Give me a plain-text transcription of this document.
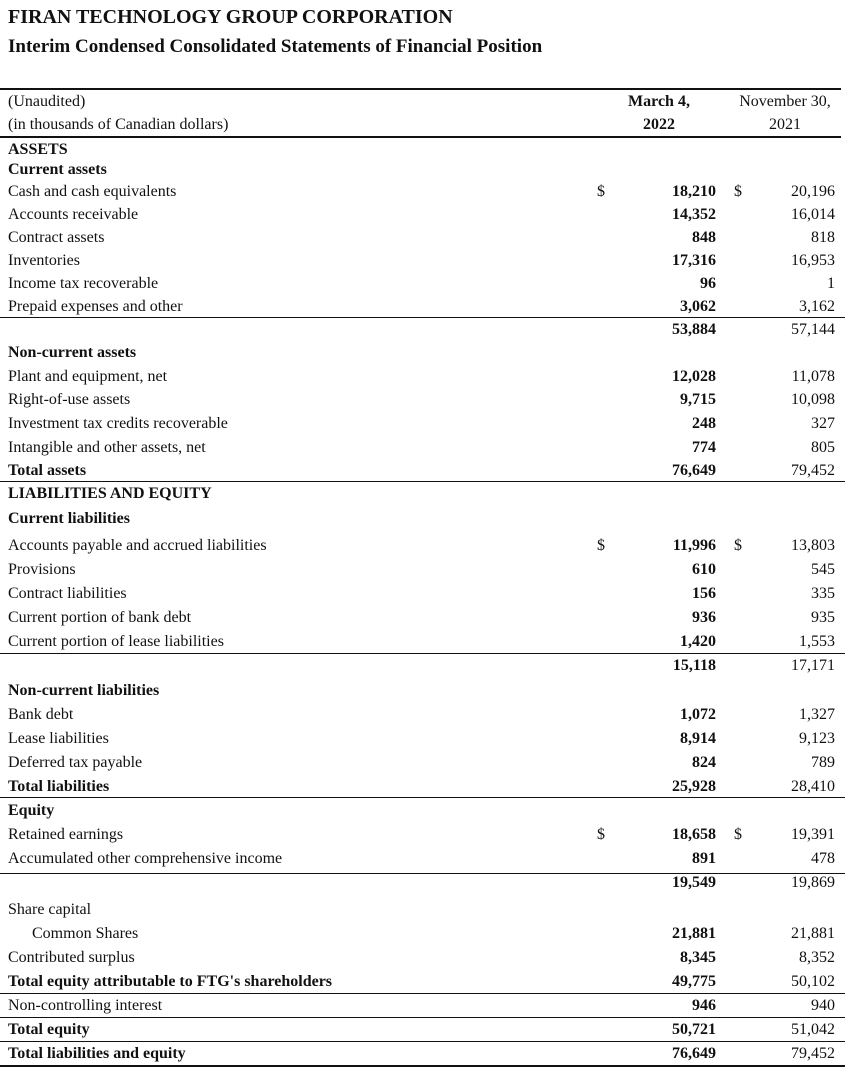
FIRAN TECHNOLOGY GROUP CORPORATION
Interim Condensed Consolidated Statements of Financial Position
(Unaudited)
(in thousands of Canadian dollars)
March 4,
2022
November 30,
2021
ASSETS
Current assets
Cash and cash equivalents	$	18,210 $	20,196
Accounts receivable	14,352	16,014
Contract assets	848	818
Inventories	17,316	16,953
Income tax recoverable	96	1
Prepaid expenses and other	3,062	3,162
53,884	57,144
Non-current assets
Plant and equipment, net	12,028	11,078
Right-of-use assets	9,715	10,098
Investment tax credits recoverable	248	327
Intangible and other assets, net	774	805
Total assets	76,649	79,452
LIABILITIES AND EQUITY
Current liabilities
Accounts payable and accrued liabilities	$	11,996 $	13,803
Provisions	610	545
Contract liabilities	156	335
Current portion of bank debt	936	935
Current portion of lease liabilities	1,420	1,553
15,118	17,171
Non-current liabilities
Bank debt	1,072	1,327
Lease liabilities	8,914	9,123
Deferred tax payable	824	789
Total liabilities	25,928	28,410
Equity
Retained earnings	$	18,658 $	19,391
Accumulated other comprehensive income	891	478
19,549	19,869
Share capital
Common Shares	21,881	21,881
Contributed surplus	8,345	8,352
Total equity attributable to FTG's shareholders	49,775	50,102
Non-controlling interest	946	940
Total equity	50,721	51,042
Total liabilities and equity	76,649	79,452
